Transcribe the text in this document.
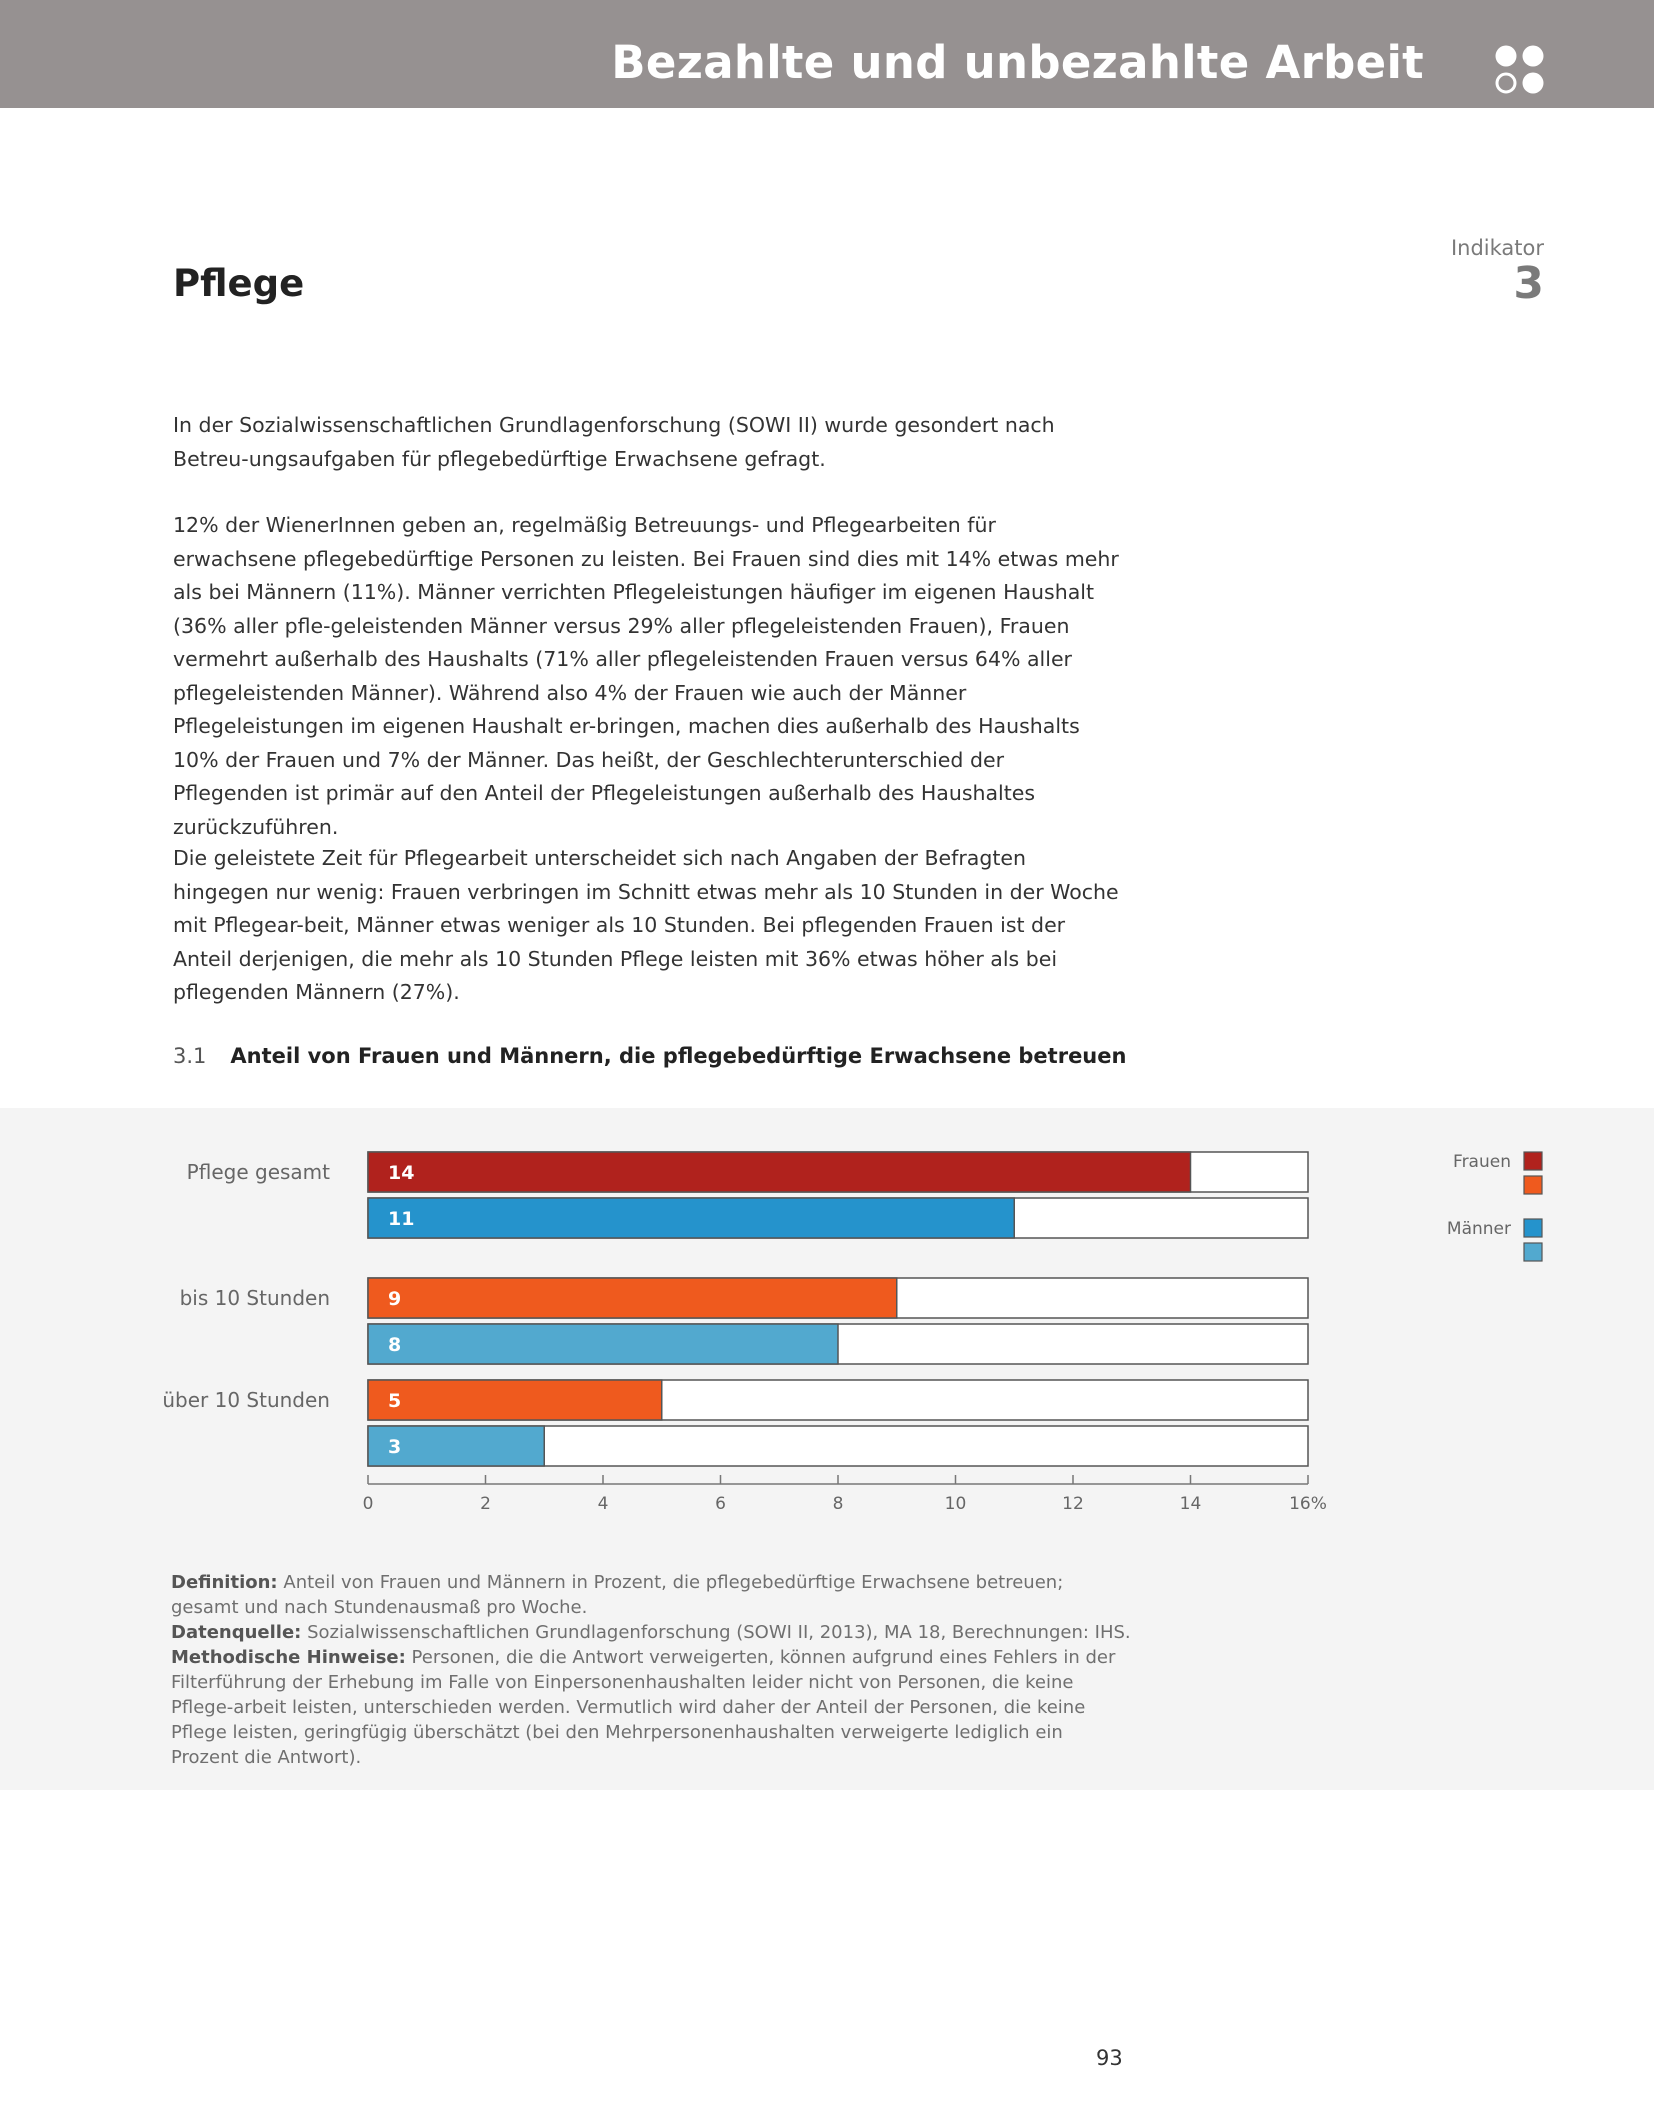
Bezahlte und unbezahlte Arbeit
Indikator
3
Pflege
In der Sozialwissenschaftlichen Grundlagenforschung (SOWI II) wurde gesondert nach Betreu-ungsaufgaben für pflegebedürftige Erwachsene gefragt.
12% der WienerInnen geben an, regelmäßig Betreuungs- und Pflegearbeiten für erwachsene pflegebedürftige Personen zu leisten. Bei Frauen sind dies mit 14% etwas mehr als bei Männern (11%). Männer verrichten Pflegeleistungen häufiger im eigenen Haushalt (36% aller pfle-geleistenden Männer versus 29% aller pflegeleistenden Frauen), Frauen vermehrt außerhalb des Haushalts (71% aller pflegeleistenden Frauen versus 64% aller pflegeleistenden Männer). Während also 4% der Frauen wie auch der Männer Pflegeleistungen im eigenen Haushalt er-bringen, machen dies außerhalb des Haushalts 10% der Frauen und 7% der Männer. Das heißt, der Geschlechterunterschied der Pflegenden ist primär auf den Anteil der Pflegeleistungen außerhalb des Haushaltes zurückzuführen.
Die geleistete Zeit für Pflegearbeit unterscheidet sich nach Angaben der Befragten hingegen nur wenig: Frauen verbringen im Schnitt etwas mehr als 10 Stunden in der Woche mit Pflegear-beit, Männer etwas weniger als 10 Stunden. Bei pflegenden Frauen ist der Anteil derjenigen, die mehr als 10 Stunden Pflege leisten mit 36% etwas höher als bei pflegenden Männern (27%).
3.1 Anteil von Frauen und Männern, die pflegebedürftige Erwachsene betreuen
Pflege gesamt	14
11
bis 10 Stunden	9
8
über 10 Stunden	5
3
0	2	4	6	8	10	12	14	16%
Frauen
Männer
Definition: Anteil von Frauen und Männern in Prozent, die pflegebedürftige Erwachsene betreuen; gesamt und nach Stundenausmaß pro Woche.
Datenquelle: Sozialwissenschaftlichen Grundlagenforschung (SOWI II, 2013), MA 18, Berechnungen: IHS.
Methodische Hinweise: Personen, die die Antwort verweigerten, können aufgrund eines Fehlers in der Filterführung der Erhebung im Falle von Einpersonenhaushalten leider nicht von Personen, die keine Pflege-arbeit leisten, unterschieden werden. Vermutlich wird daher der Anteil der Personen, die keine Pflege leisten, geringfügig überschätzt (bei den Mehrpersonenhaushalten verweigerte lediglich ein Prozent die Antwort).
93
